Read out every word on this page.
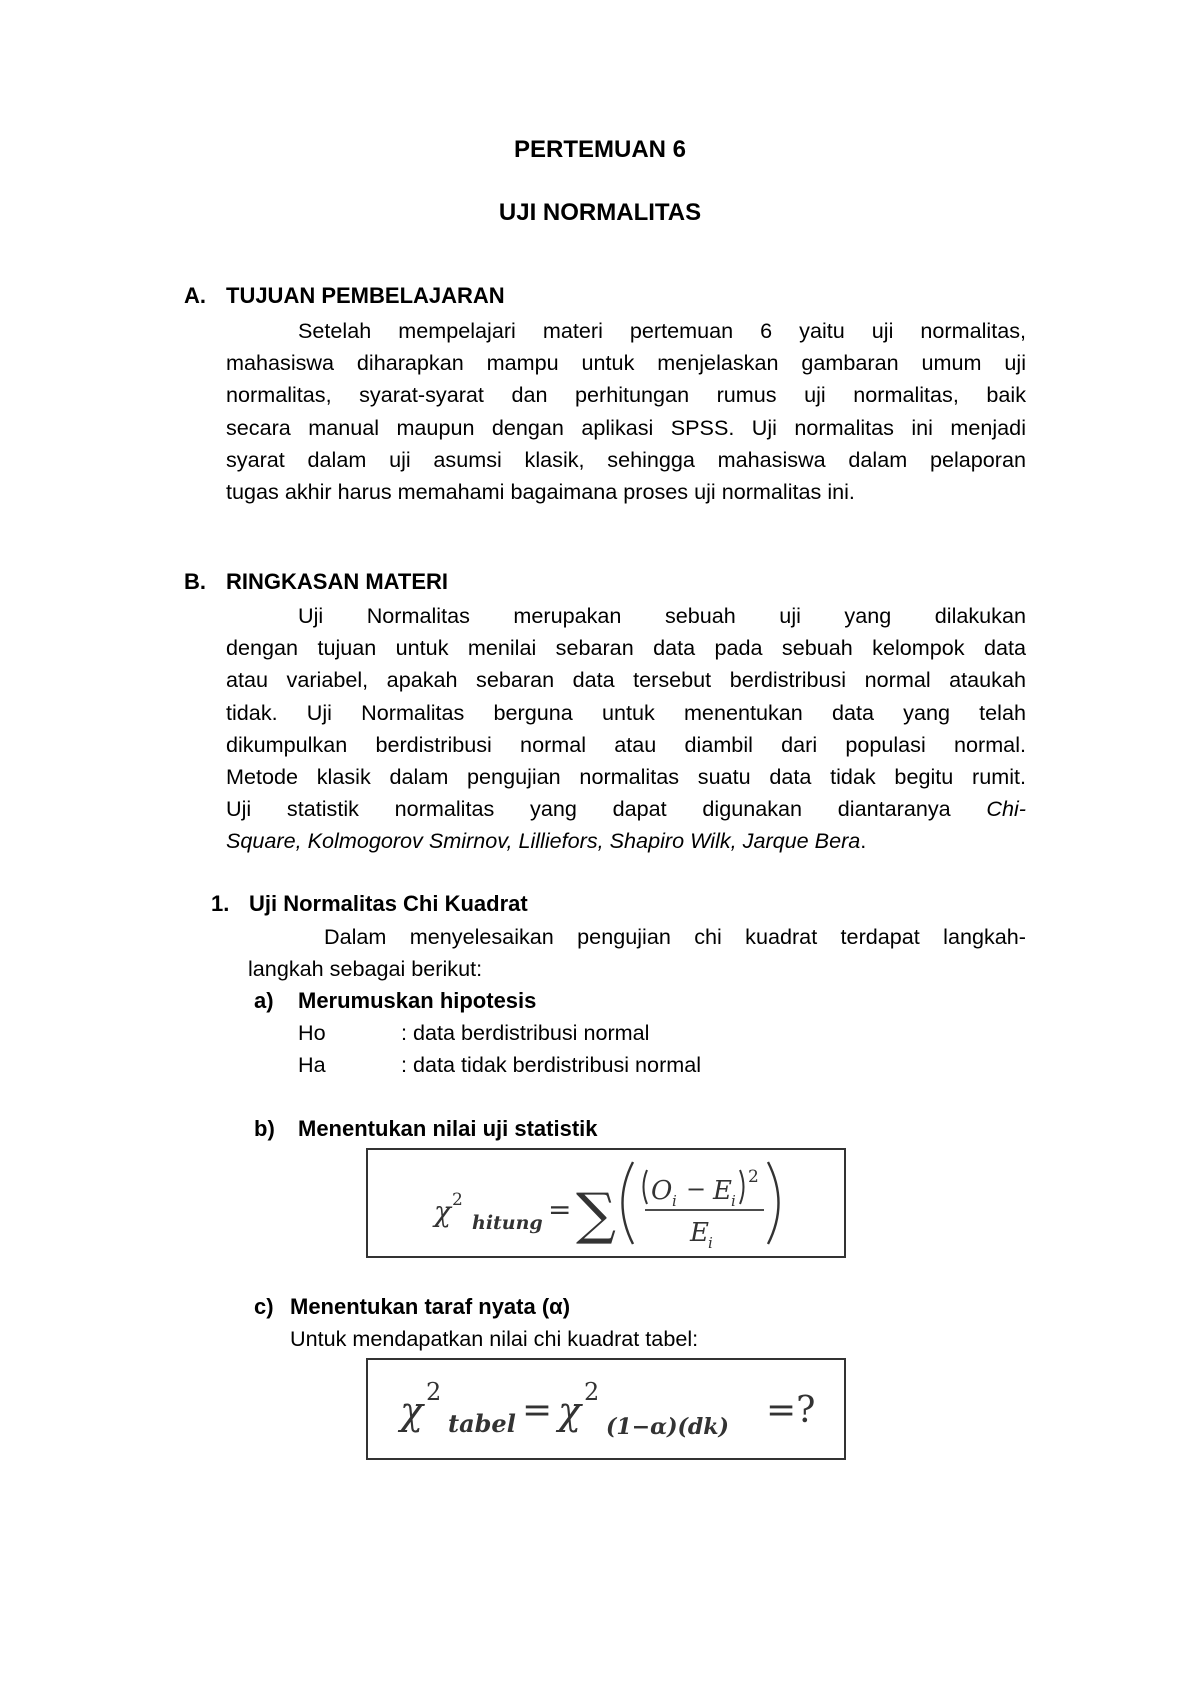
PERTEMUAN 6
UJI NORMALITAS
A. TUJUAN PEMBELAJARAN
Setelah mempelajari materi pertemuan 6 yaitu uji normalitas,
mahasiswa diharapkan mampu untuk menjelaskan gambaran umum uji
normalitas, syarat-syarat dan perhitungan rumus uji normalitas, baik
secara manual maupun dengan aplikasi SPSS. Uji normalitas ini menjadi
syarat dalam uji asumsi klasik, sehingga mahasiswa dalam pelaporan
tugas akhir harus memahami bagaimana proses uji normalitas ini.
B. RINGKASAN MATERI
Uji Normalitas merupakan sebuah uji yang dilakukan
dengan tujuan untuk menilai sebaran data pada sebuah kelompok data
atau variabel, apakah sebaran data tersebut berdistribusi normal ataukah
tidak. Uji Normalitas berguna untuk menentukan data yang telah
dikumpulkan berdistribusi normal atau diambil dari populasi normal.
Metode klasik dalam pengujian normalitas suatu data tidak begitu rumit.
Uji statistik normalitas yang dapat digunakan diantaranya Chi-
Square, Kolmogorov Smirnov, Lilliefors, Shapiro Wilk, Jarque Bera.
1. Uji Normalitas Chi Kuadrat
Dalam menyelesaikan pengujian chi kuadrat terdapat langkah-
langkah sebagai berikut:
a) Merumuskan hipotesis
Ho	: data berdistribusi normal
Ha	: data tidak berdistribusi normal
b) Menentukan nilai uji statistik
χ 2
hitung = ∑ O i − E i
2
E i
c) Menentukan taraf nyata (α)
Untuk mendapatkan nilai chi kuadrat tabel:
χ 2
tabel = χ 2
(1−α)(dk) =?
